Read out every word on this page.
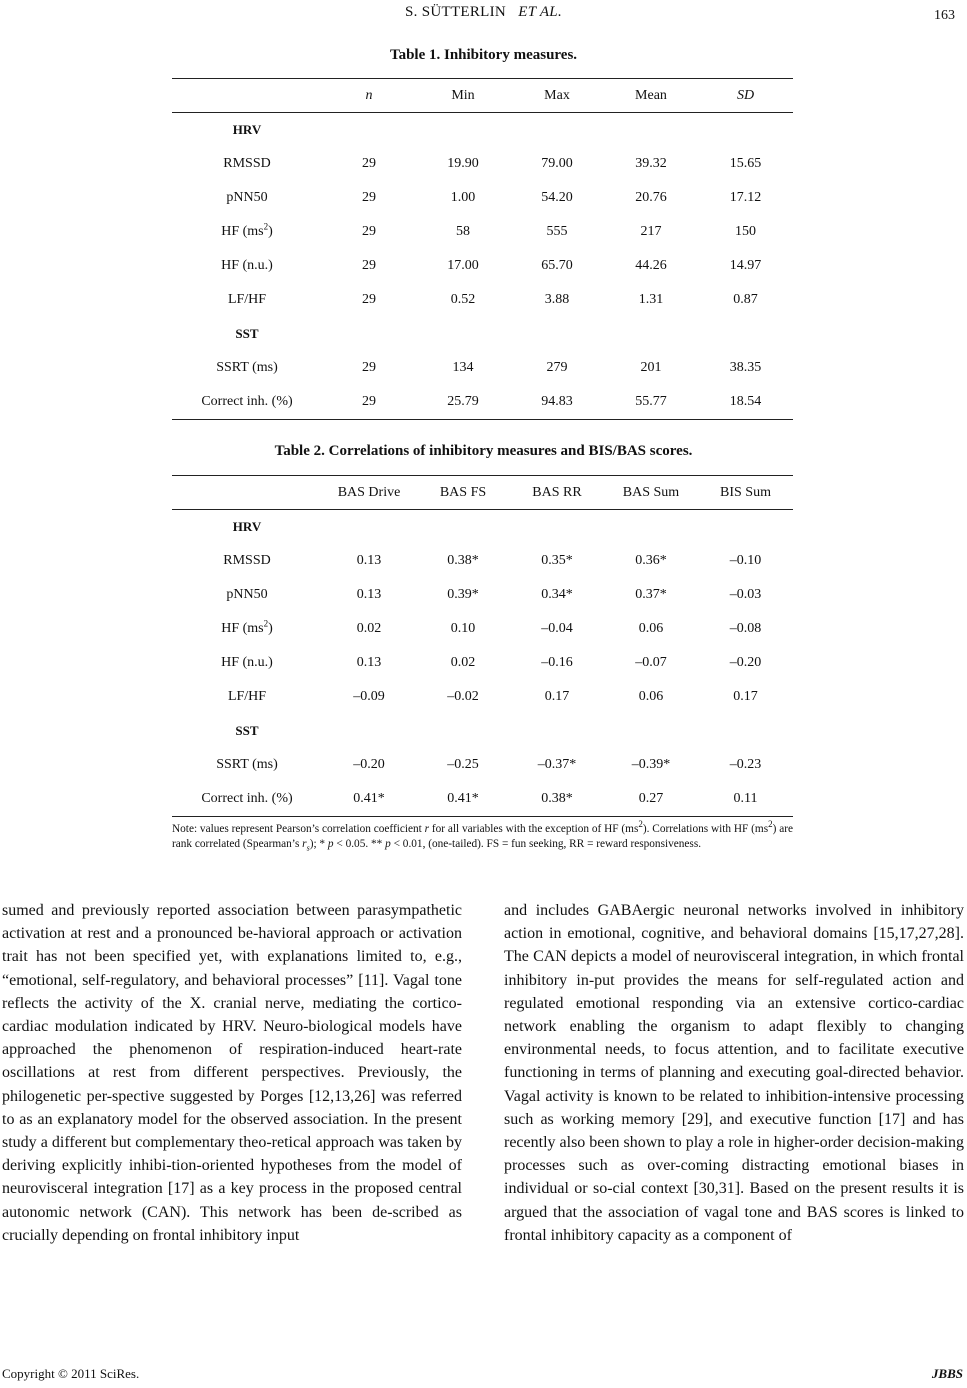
S. SÜTTERLIN ET AL.	163
Table 1. Inhibitory measures.
	n	Min	Max	Mean	SD
HRV					
RMSSD	29	19.90	79.00	39.32	15.65
pNN50	29	1.00	54.20	20.76	17.12
HF $(ms^2)$	29	58	555	217	150
HF (n.u.)	29	17.00	65.70	44.26	14.97
LF/HF	29	0.52	3.88	1.31	0.87
SST					
SSRT (ms)	29	134	279	201	38.35
Correct inh. (%)	29	25.79	94.83	55.77	18.54
Table 2. Correlations of inhibitory measures and BIS/BAS scores.
	BAS Drive	BAS FS	BAS RR	BAS Sum	BIS Sum
HRV					
RMSSD	0.13	0.38*	0.35*	0.36*	–0.10
pNN50	0.13	0.39*	0.34*	0.37*	–0.03
HF $(ms^2)$	0.02	0.10	–0.04	0.06	–0.08
HF (n.u.)	0.13	0.02	–0.16	–0.07	–0.20
LF/HF	–0.09	–0.02	0.17	0.06	0.17
SST					
SSRT (ms)	–0.20	–0.25	–0.37*	–0.39*	–0.23
Correct inh. (%)	0.41*	0.41*	0.38*	0.27	0.11
Note: values represent Pearson’s correlation coefficient r for all variables with the exception of HF $(ms^2)$. Correlations with HF $(ms^2)$ are rank correlated (Spearman’s $r_s$); * p < 0.05. ** p < 0.01, (one-tailed). FS = fun seeking, RR = reward responsiveness.

sumed and previously reported association between parasympathetic activation at rest and a pronounced be-havioral approach or activation trait has not been specified yet, with explanations limited to, e.g., “emotional, self-regulatory, and behavioral processes” [11]. Vagal tone reflects the activity of the X. cranial nerve, mediating the cortico-cardiac modulation indicated by HRV. Neuro-biological models have approached the phenomenon of respiration-induced heart-rate oscillations at rest from different perspectives. Previously, the philogenetic per-spective suggested by Porges [12,13,26] was referred to as an explanatory model for the observed association. In the present study a different but complementary theo-retical approach was taken by deriving explicitly inhibi-tion-oriented hypotheses from the model of neurovisceral integration [17] as a key process in the proposed central autonomic network (CAN). This network has been de-scribed as crucially depending on frontal inhibitory input

and includes GABAergic neuronal networks involved in inhibitory action in emotional, cognitive, and behavioral domains [15,17,27,28]. The CAN depicts a model of neurovisceral integration, in which frontal inhibitory in-put provides the means for self-regulated action and regulated emotional responding via an extensive cortico-cardiac network enabling the organism to adapt flexibly to changing environmental needs, to focus attention, and to facilitate executive functioning in terms of planning and executing goal-directed behavior. Vagal activity is known to be related to inhibition-intensive processing such as working memory [29], and executive function [17] and has recently also been shown to play a role in higher-order decision-making processes such as over-coming distracting emotional biases in individual or so-cial context [30,31]. Based on the present results it is argued that the association of vagal tone and BAS scores is linked to frontal inhibitory capacity as a component of

Copyright © 2011 SciRes.	JBBS
